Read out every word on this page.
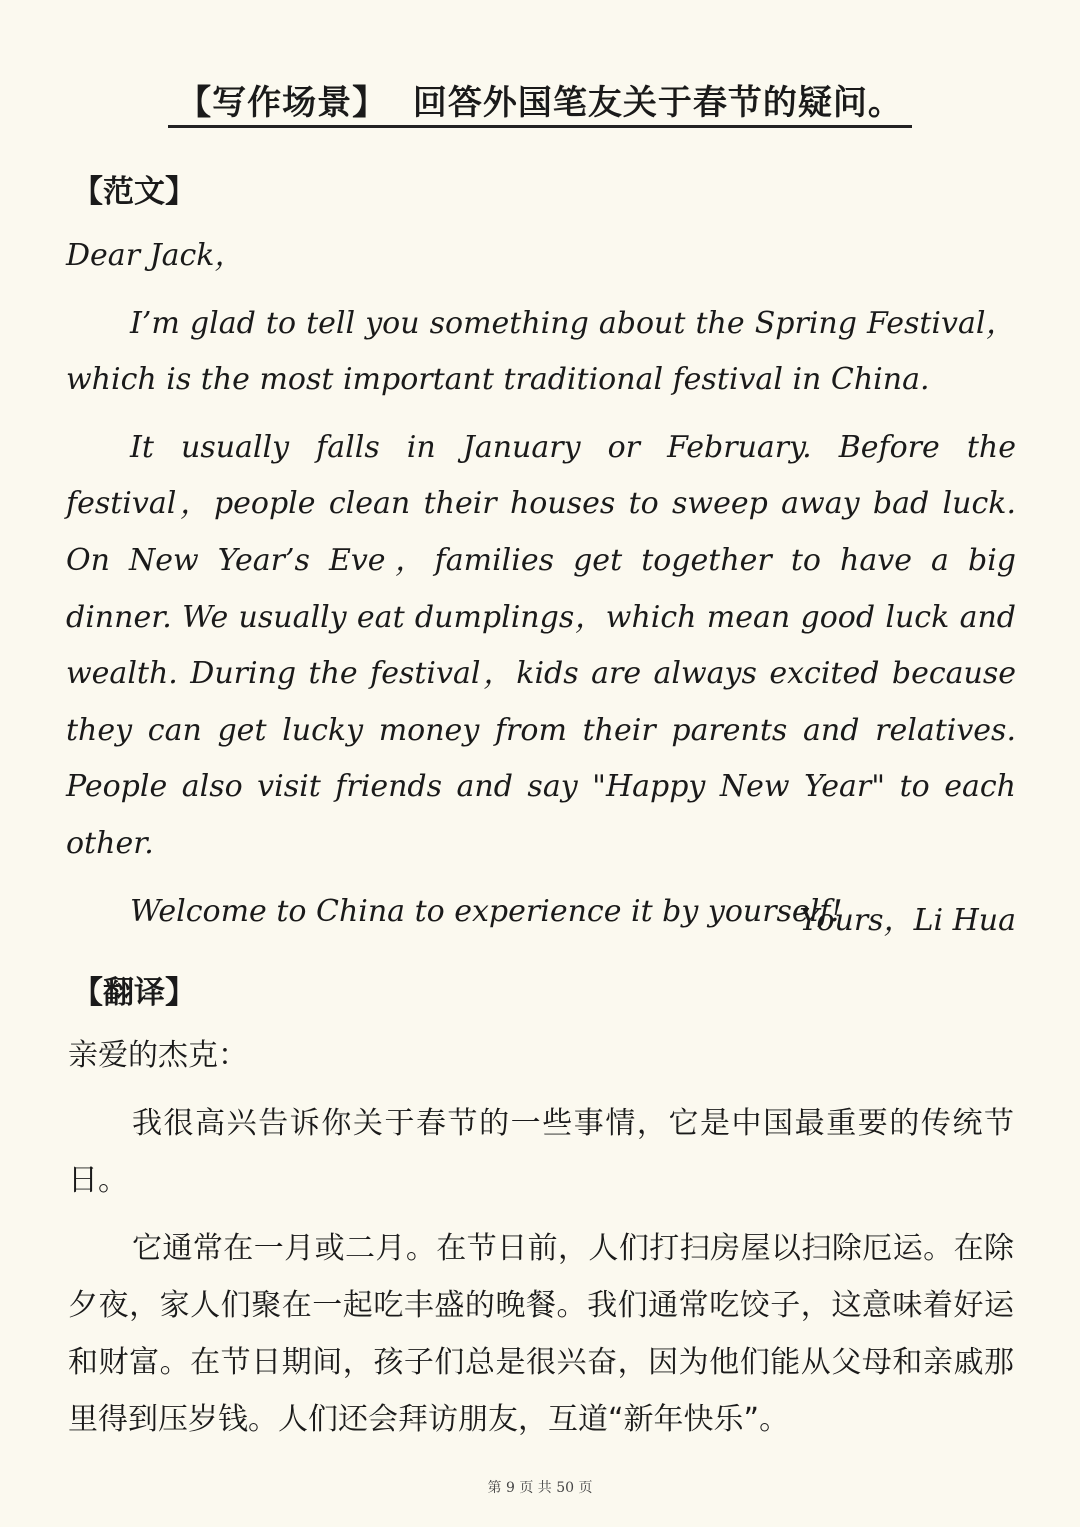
【写作场景】 回答外国笔友关于春节的疑问。
【范文】

Dear Jack，

I’m glad to tell you something about the Spring Festival，which is the most important traditional festival in China.

It usually falls in January or February. Before the festival，people clean their houses to sweep away bad luck. On New Year’s Eve，families get together to have a big dinner. We usually eat dumplings，which mean good luck and wealth. During the festival，kids are always excited because they can get lucky money from their parents and relatives. People also visit friends and say "Happy New Year" to each other.

Welcome to China to experience it by yourself!

Yours，Li Hua
【翻译】

亲爱的杰克：

我很高兴告诉你关于春节的一些事情，它是中国最重要的传统节日。

它通常在一月或二月。在节日前，人们打扫房屋以扫除厄运。在除夕夜，家人们聚在一起吃丰盛的晚餐。我们通常吃饺子，这意味着好运和财富。在节日期间，孩子们总是很兴奋，因为他们能从父母和亲戚那里得到压岁钱。人们还会拜访朋友，互道“新年快乐”。

第 9 页 共 50 页
